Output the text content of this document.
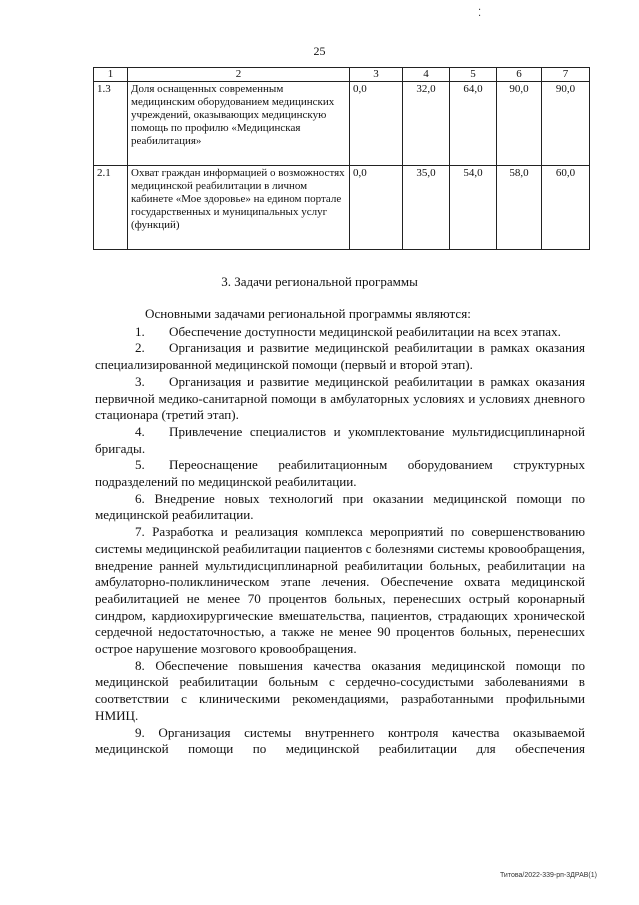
⁚
25
1	2	3	4	5	6	7
1.3	Доля оснащенных современным медицинским оборудованием медицинских учреждений, оказывающих медицинскую помощь по профилю «Медицинская реабилитация»	0,0	32,0	64,0	90,0	90,0
2.1	Охват граждан информацией о возможностях медицинской реабилитации в личном кабинете «Мое здоровье» на едином портале государственных и муниципальных услуг (функций)	0,0	35,0	54,0	58,0	60,0
3. Задачи региональной программы

Основными задачами региональной программы являются:

1. Обеспечение доступности медицинской реабилитации на всех этапах.

2. Организация и развитие медицинской реабилитации в рамках оказания специализированной медицинской помощи (первый и второй этап).

3. Организация и развитие медицинской реабилитации в рамках оказания первичной медико-санитарной помощи в амбулаторных условиях и условиях дневного стационара (третий этап).

4. Привлечение специалистов и укомплектование мультидисциплинарной бригады.

5. Переоснащение реабилитационным оборудованием структурных подразделений по медицинской реабилитации.

6. Внедрение новых технологий при оказании медицинской помощи по медицинской реабилитации.

7. Разработка и реализация комплекса мероприятий по совершенствованию системы медицинской реабилитации пациентов с болезнями системы кровообращения, внедрение ранней мультидисциплинарной реабилитации больных, реабилитации на амбулаторно-поликлиническом этапе лечения. Обеспечение охвата медицинской реабилитацией не менее 70 процентов больных, перенесших острый коронарный синдром, кардиохирургические вмешательства, пациентов, страдающих хронической сердечной недостаточностью, а также не менее 90 процентов больных, перенесших острое нарушение мозгового кровообращения.

8. Обеспечение повышения качества оказания медицинской помощи по медицинской реабилитации больным с сердечно-сосудистыми заболеваниями в соответствии с клиническими рекомендациями, разработанными профильными НМИЦ.

9. Организация системы внутреннего контроля качества оказываемой медицинской помощи по медицинской реабилитации для обеспечения

Титова/2022-339-рп-3ДРАВ(1)
